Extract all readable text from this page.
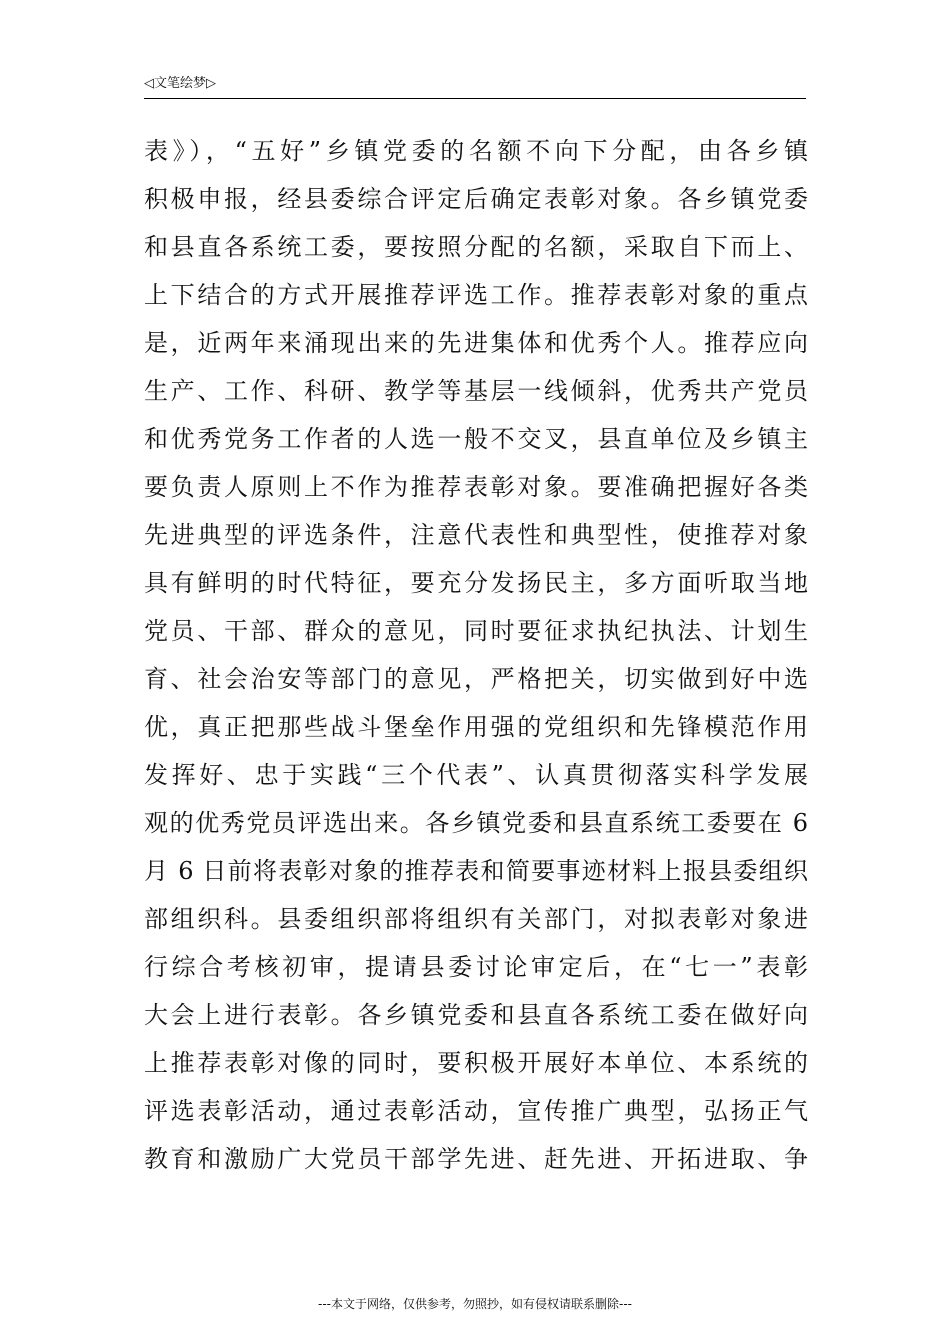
◁文笔绘梦▷
表》），“五好”乡镇党委的名额不向下分配，由各乡镇
积极申报，经县委综合评定后确定表彰对象。各乡镇党委
和县直各系统工委，要按照分配的名额，采取自下而上、
上下结合的方式开展推荐评选工作。推荐表彰对象的重点
是，近两年来涌现出来的先进集体和优秀个人。推荐应向
生产、工作、科研、教学等基层一线倾斜，优秀共产党员
和优秀党务工作者的人选一般不交叉，县直单位及乡镇主
要负责人原则上不作为推荐表彰对象。要准确把握好各类
先进典型的评选条件，注意代表性和典型性，使推荐对象
具有鲜明的时代特征，要充分发扬民主，多方面听取当地
党员、干部、群众的意见，同时要征求执纪执法、计划生
育、社会治安等部门的意见，严格把关，切实做到好中选
优，真正把那些战斗堡垒作用强的党组织和先锋模范作用
发挥好、忠于实践“三个代表”、认真贯彻落实科学发展
观的优秀党员评选出来。各乡镇党委和县直系统工委要在 6
月 6 日前将表彰对象的推荐表和简要事迹材料上报县委组织
部组织科。县委组织部将组织有关部门，对拟表彰对象进
行综合考核初审，提请县委讨论审定后，在“七一”表彰
大会上进行表彰。各乡镇党委和县直各系统工委在做好向
上推荐表彰对像的同时，要积极开展好本单位、本系统的
评选表彰活动，通过表彰活动，宣传推广典型，弘扬正气
教育和激励广大党员干部学先进、赶先进、开拓进取、争
---本文于网络，仅供参考，勿照抄，如有侵权请联系删除---
